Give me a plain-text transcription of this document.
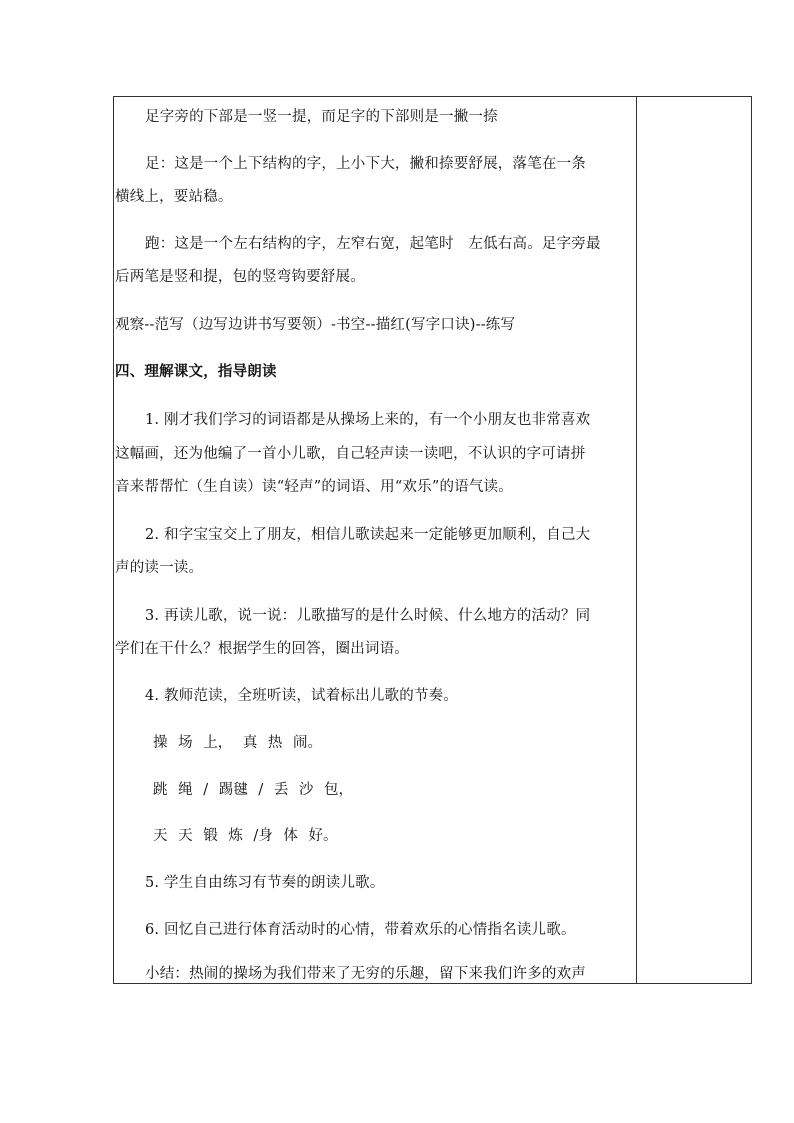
足字旁的下部是一竖一提，而足字的下部则是一撇一捺
足：这是一个上下结构的字，上小下大，撇和捺要舒展，落笔在一条
横线上，要站稳。
跑：这是一个左右结构的字，左窄右宽，起笔时　左低右高。足字旁最
后两笔是竖和提，包的竖弯钩要舒展。
观察--范写（边写边讲书写要领）-书空--描红(写字口诀)--练写
四、理解课文，指导朗读
1. 刚才我们学习的词语都是从操场上来的，有一个小朋友也非常喜欢
这幅画，还为他编了一首小儿歌，自己轻声读一读吧，不认识的字可请拼
音来帮帮忙（生自读）读“轻声”的词语、用“欢乐”的语气读。
2. 和字宝宝交上了朋友，相信儿歌读起来一定能够更加顺利，自己大
声的读一读。
3. 再读儿歌，说一说：儿歌描写的是什么时候、什么地方的活动？同
学们在干什么？根据学生的回答，圈出词语。
4. 教师范读，全班听读，试着标出儿歌的节奏。
操 场 上， 真 热 闹。
跳 绳 / 踢毽 / 丢 沙 包，
天 天 锻 炼 /身 体 好。
5. 学生自由练习有节奏的朗读儿歌。
6. 回忆自己进行体育活动时的心情，带着欢乐的心情指名读儿歌。
小结：热闹的操场为我们带来了无穷的乐趣，留下来我们许多的欢声
